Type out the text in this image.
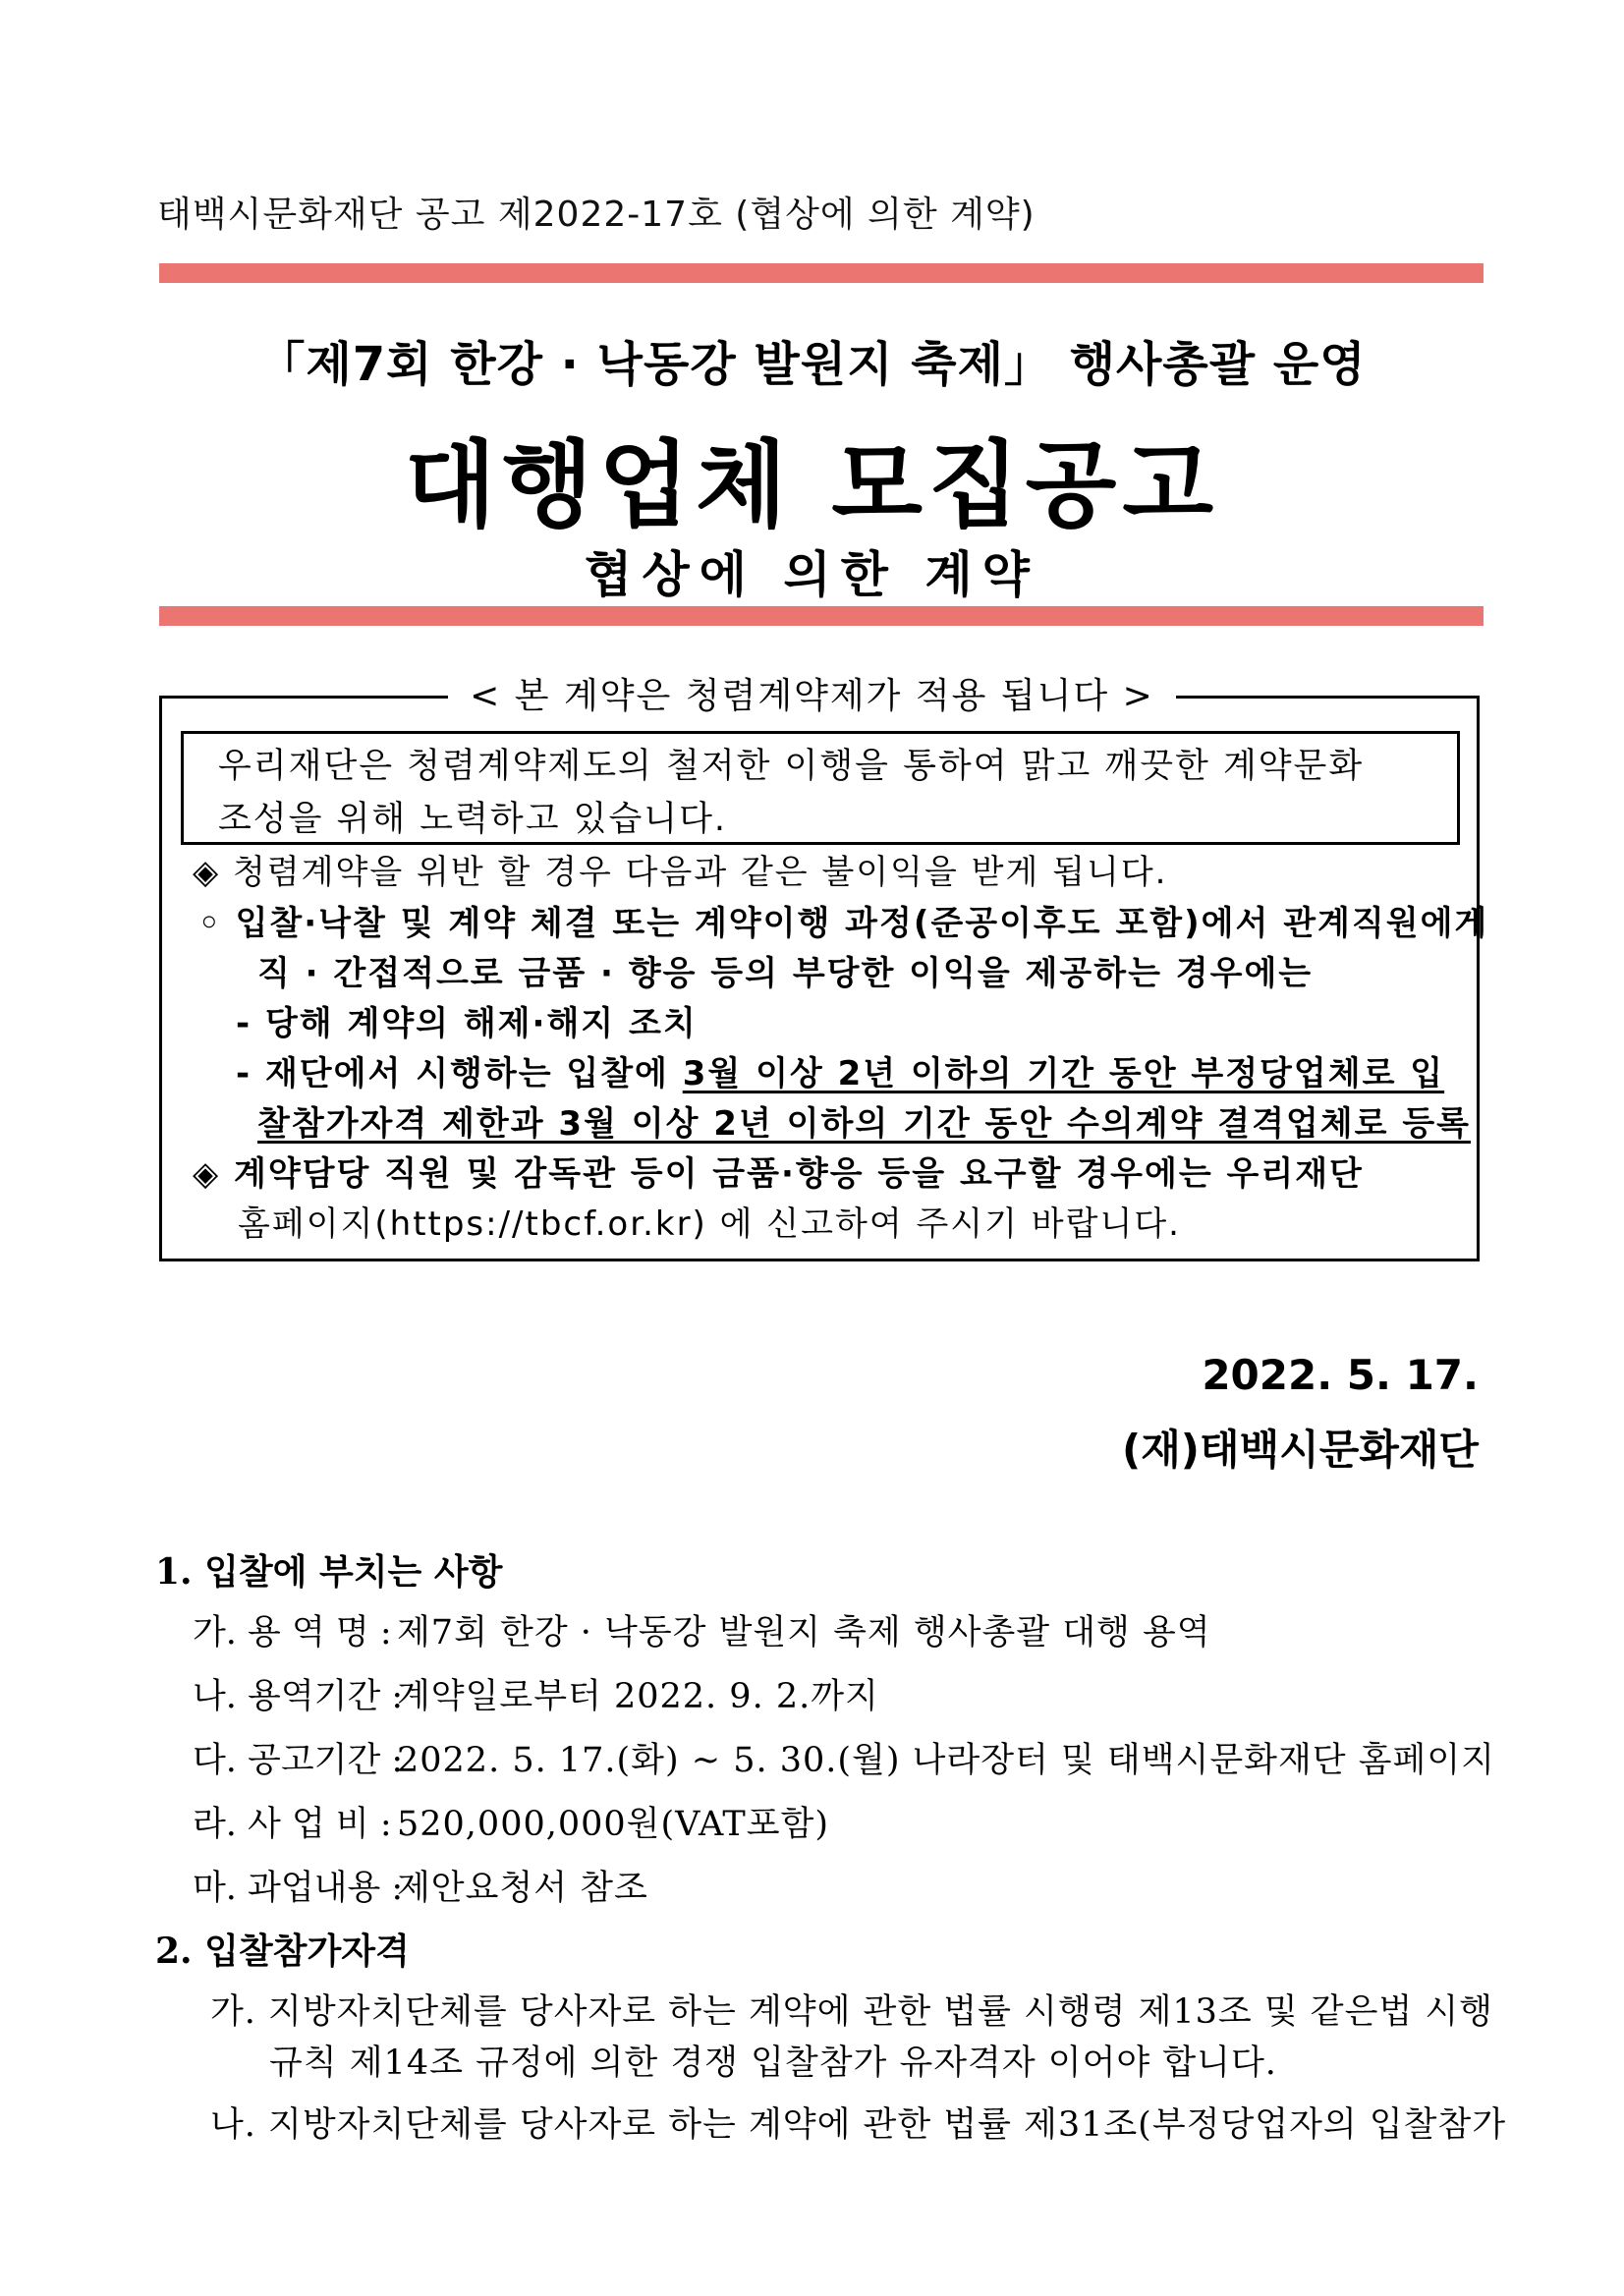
태백시문화재단 공고 제2022-17호 (협상에 의한 계약)
「제7회 한강 · 낙동강 발원지 축제」 행사총괄 운영
대행업체 모집공고
협상에 의한 계약
< 본 계약은 청렴계약제가 적용 됩니다 >
우리재단은 청렴계약제도의 철저한 이행을 통하여 맑고 깨끗한 계약문화
조성을 위해 노력하고 있습니다.
◈ 청렴계약을 위반 할 경우 다음과 같은 불이익을 받게 됩니다.
◦ 입찰·낙찰 및 계약 체결 또는 계약이행 과정(준공이후도 포함)에서 관계직원에게
직 · 간접적으로 금품 · 향응 등의 부당한 이익을 제공하는 경우에는
- 당해 계약의 해제·해지 조치
- 재단에서 시행하는 입찰에 3월 이상 2년 이하의 기간 동안 부정당업체로 입
찰참가자격 제한과 3월 이상 2년 이하의 기간 동안 수의계약 결격업체로 등록
◈ 계약담당 직원 및 감독관 등이 금품·향응 등을 요구할 경우에는 우리재단
홈페이지(https://tbcf.or.kr) 에 신고하여 주시기 바랍니다.
2022. 5. 17.
(재)태백시문화재단
1. 입찰에 부치는 사항
가. 용 역 명 : 제7회 한강 · 낙동강 발원지 축제 행사총괄 대행 용역
나. 용역기간 :계약일로부터 2022. 9. 2.까지
다. 공고기간 :2022. 5. 17.(화) ~ 5. 30.(월) 나라장터 및 태백시문화재단 홈페이지
라. 사 업 비 : 520,000,000원(VAT포함)
마. 과업내용 :제안요청서 참조
2. 입찰참가자격
가. 지방자치단체를 당사자로 하는 계약에 관한 법률 시행령 제13조 및 같은법 시행
규칙 제14조 규정에 의한 경쟁 입찰참가 유자격자 이어야 합니다.
나. 지방자치단체를 당사자로 하는 계약에 관한 법률 제31조(부정당업자의 입찰참가
